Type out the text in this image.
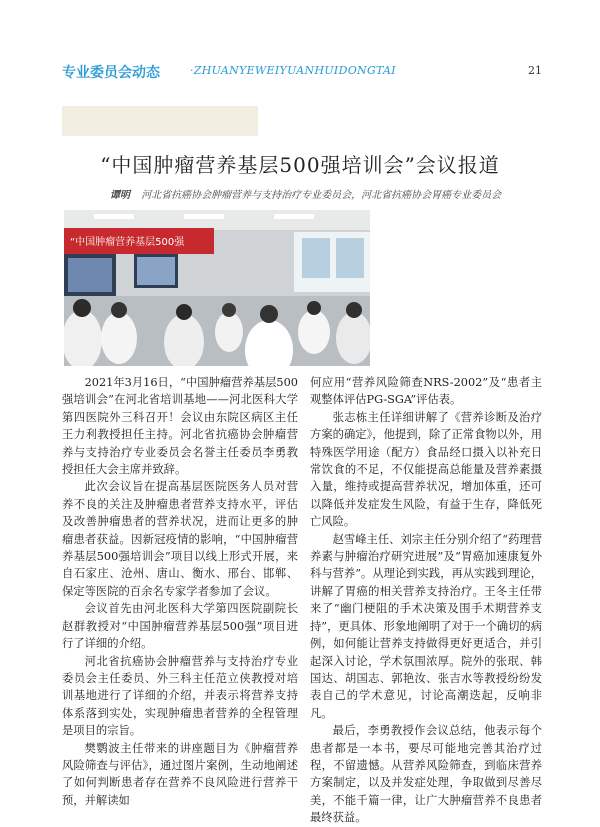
专业委员会动态	·ZHUANYEWEIYUANHUIDONGTAI	21
“中国肿瘤营养基层500强培训会”会议报道
谭明 河北省抗癌协会肿瘤营养与支持治疗专业委员会，河北省抗癌协会胃癌专业委员会
“中国肿瘤营养基层500强

2021年3月16日，“中国肿瘤营养基层500强培训会”在河北省培训基地——河北医科大学第四医院外三科召开！会议由东院区病区主任王力利教授担任主持。河北省抗癌协会肿瘤营养与支持治疗专业委员会名誉主任委员李勇教授担任大会主席并致辞。

此次会议旨在提高基层医院医务人员对营养不良的关注及肿瘤患者营养支持水平，评估及改善肿瘤患者的营养状况，进而让更多的肿瘤患者获益。因新冠疫情的影响，“中国肿瘤营养基层500强培训会”项目以线上形式开展，来自石家庄、沧州、唐山、衡水、邢台、邯郸、保定等医院的百余名专家学者参加了会议。

会议首先由河北医科大学第四医院副院长赵群教授对“中国肿瘤营养基层500强”项目进行了详细的介绍。

河北省抗癌协会肿瘤营养与支持治疗专业委员会主任委员、外三科主任范立侠教授对培训基地进行了详细的介绍，并表示将营养支持体系落到实处，实现肿瘤患者营养的全程管理是项目的宗旨。

樊鹦波主任带来的讲座题目为《肿瘤营养风险筛查与评估》，通过图片案例，生动地阐述了如何判断患者存在营养不良风险进行营养干预，并解读如

何应用“营养风险筛查NRS-2002”及“患者主观整体评估PG-SGA”评估表。

张志栋主任详细讲解了《营养诊断及治疗方案的确定》，他提到，除了正常食物以外，用特殊医学用途（配方）食品经口摄入以补充日常饮食的不足，不仅能提高总能量及营养素摄入量，维持或提高营养状况，增加体重，还可以降低并发症发生风险，有益于生存，降低死亡风险。

赵雪峰主任、刘宗主任分别介绍了“药理营养素与肿瘤治疗研究进展”及“胃癌加速康复外科与营养”。从理论到实践，再从实践到理论，讲解了胃癌的相关营养支持治疗。王冬主任带来了“幽门梗阻的手术决策及围手术期营养支持”，更具体、形象地阐明了对于一个确切的病例，如何能让营养支持做得更好更适合，并引起深入讨论，学术氛围浓厚。院外的张珉、韩国达、胡国志、郭艳汝、张吉水等教授纷纷发表自己的学术意见，讨论高潮迭起，反响非凡。

最后，李勇教授作会议总结，他表示每个患者都是一本书，要尽可能地完善其治疗过程，不留遗憾。从营养风险筛查，到临床营养方案制定，以及并发症处理，争取做到尽善尽美，不能千篇一律，让广大肿瘤营养不良患者最终获益。
